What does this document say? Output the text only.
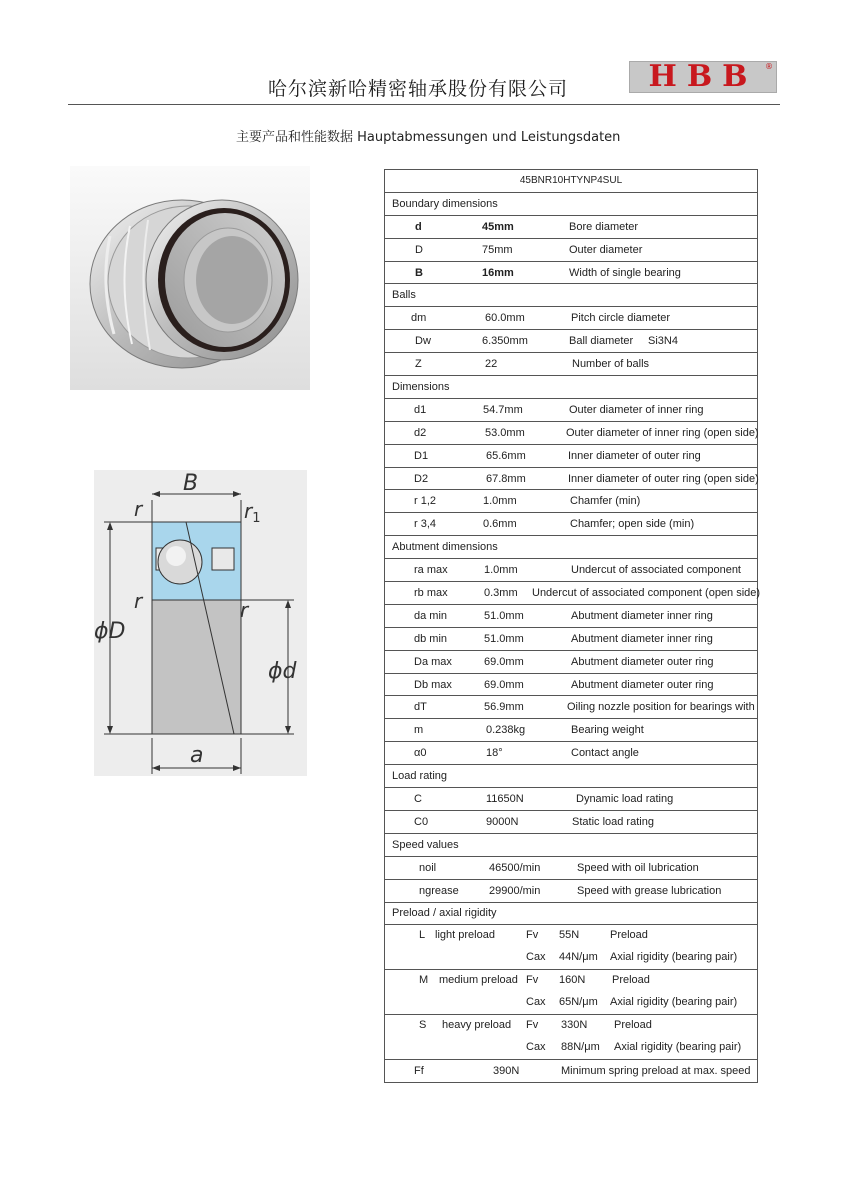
哈尔滨新哈精密轴承股份有限公司	HBB ®
主要产品和性能数据 Hauptabmessungen und Leistungsdaten
B
r	$r_1$
r	r
ϕD
ϕd
a
45BNR10HTYNP4SUL
Boundary dimensions

d	45mm	Bore diameter

D	75mm	Outer diameter

B	16mm	Width of single bearing

Balls

dm	60.0mm	Pitch circle diameter

Dw	6.350mm	Ball diameter Si3N4

Z	22	Number of balls

Dimensions

d1	54.7mm	Outer diameter of inner ring

d2	53.0mm	Outer diameter of inner ring (open side)

D1	65.6mm	Inner diameter of outer ring

D2	67.8mm	Inner diameter of outer ring (open side)

r 1,2	1.0mm	Chamfer (min)

r 3,4	0.6mm	Chamfer; open side (min)

Abutment dimensions

ra max	1.0mm	Undercut of associated component

rb max	0.3mm Undercut of associated component (open side)

da min	51.0mm	Abutment diameter inner ring

db min	51.0mm	Abutment diameter inner ring

Da max	69.0mm	Abutment diameter outer ring

Db max	69.0mm	Abutment diameter outer ring

dT	56.9mm	Oiling nozzle position for bearings with

m	0.238kg	Bearing weight

α0	18°	Contact angle

Load rating

C	11650N	Dynamic load rating

C0	9000N	Static load rating

Speed values

noil	46500/min	Speed with oil lubrication

ngrease	29900/min	Speed with grease lubrication

Preload / axial rigidity

L light preload	Fv 55N	Preload
Cax 44N/μm Axial rigidity (bearing pair)

M medium preload Fv 160N Preload
Cax 65N/μm Axial rigidity (bearing pair)

S heavy preload Fv 330N Preload
Cax 88N/μm Axial rigidity (bearing pair)

Ff	390N	Minimum spring preload at max. speed
